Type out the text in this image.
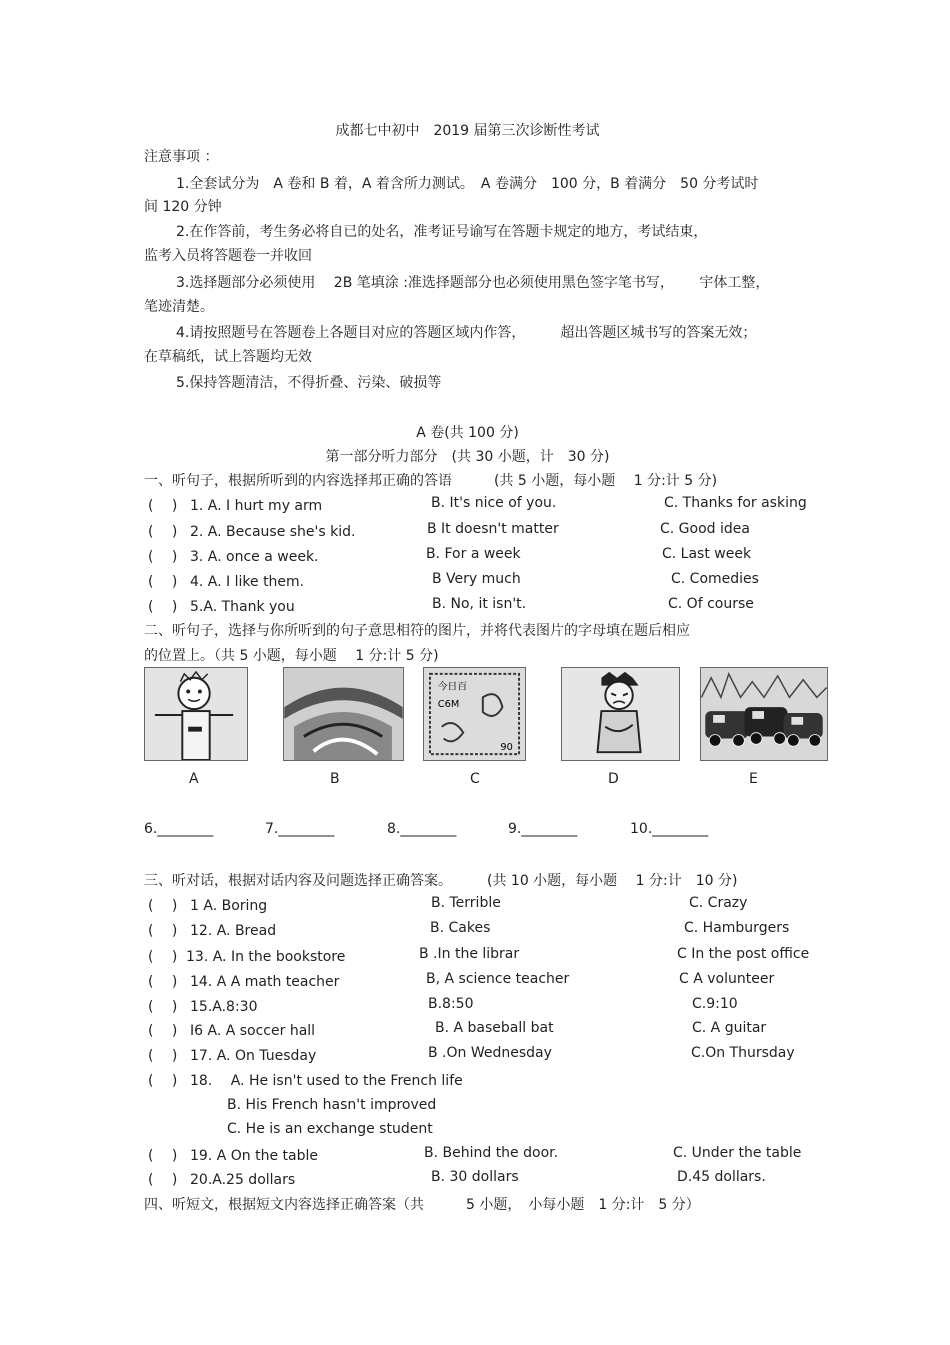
成都七中初中　2019 届第三次诊断性考试
注意事项 ：
1.全套试分为　A 卷和 B 着，A 着含所力测试。　A 卷满分　100 分，B 着满分　50 分考试时
间 120 分钟
2.在作答前，考生务必将自已的处名，准考证号谕写在答题卡规定的地方，考试结東，
监考入员将答题卷一并收回
3.选择题部分必须使用　 2B 笔填涂 :准选择题部分也必须使用黑色签字笔书写，　　 宇体工整，
笔迹清楚。
4.请按照题号在答题卷上各题目对应的答题区域内作答，　　　超出答题区城书写的答案无效；
在草稿纸，试上答题均无效
5.保持答题清洁，不得折叠、污染、破损等
A 卷(共 100 分)
第一部分听力部分　(共 30 小题，计　30 分)
一、听句子，根据所听到的内容选择邦正确的答语　　　(共 5 小题，每小题　 1 分:计 5 分)
(　 ) 1. A. I hurt my arm	B. It's nice of you.	C. Thanks for asking
(　 ) 2. A. Because she's kid.	B It doesn't matter	C. Good idea
(　 ) 3. A. once a week.	B. For a week	C. Last week
(　 ) 4. A. I like them.	B Very much	C. Comedies
(　 ) 5.A. Thank you	B. No, it isn't.	C. Of course
二、听句子，选择与你所听到的句子意思相符的图片，并将代表图片的字母填在题后相应
的位置上。（共 5 小题，每小题　 1 分:计 5 分)
今日百
C6M
90
A	B	C	D	E
6.________	7.________	8.________	9.________	10.________
三、听对话，根据对话内容及问题选择正确答案。　　　(共 10 小题，每小题　 1 分:计　10 分)
(　 ) 1 A. Boring	B. Terrible	C. Crazy
(　 ) 12. A. Bread	B. Cakes	C. Hamburgers
(　 ) 13. A. In the bookstore	B .In the librar	C In the post office
(　 ) 14. A A math teacher	B, A science teacher	C A volunteer
(　 ) 15.A.8:30	B.8:50	C.9:10
(　 ) I6 A. A soccer hall	B. A baseball bat	C. A guitar
(　 ) 17. A. On Tuesday	B .On Wednesday	C.On Thursday
(　 ) 18.　 A. He isn't used to the French life
B. His French hasn't improved
C. He is an exchange student
(　 ) 19. A On the table	B. Behind the door.	C. Under the table
(　 ) 20.A.25 dollars	B. 30 dollars	D.45 dollars.
四、听短文，根据短文内容选择正确答案（共　　　5 小题，　小每小题　1 分:计　5 分）
